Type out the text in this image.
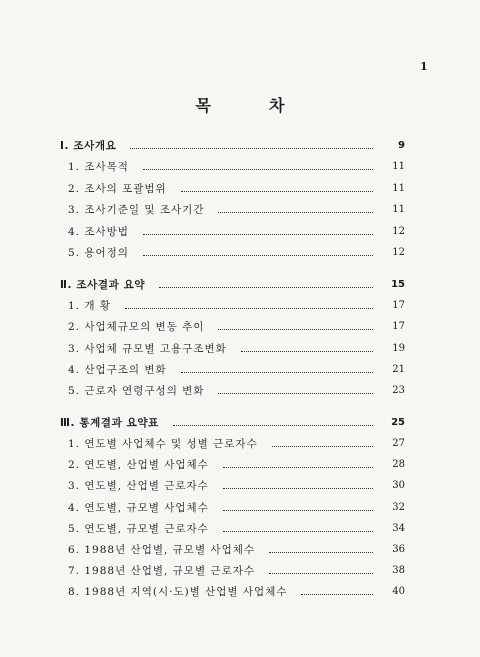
1
목	차
Ⅰ. 조사개요	9
1. 조사목적	11
2. 조사의 포괄범위	11
3. 조사기준일 및 조사기간	11
4. 조사방법	12
5. 용어정의	12
Ⅱ. 조사결과 요약	15
1. 개 황	17
2. 사업체규모의 변동 추이	17
3. 사업체 규모별 고용구조변화	19
4. 산업구조의 변화	21
5. 근로자 연령구성의 변화	23
Ⅲ. 통계결과 요약표	25
1. 연도별 사업체수 및 성별 근로자수	27
2. 연도별, 산업별 사업체수	28
3. 연도별, 산업별 근로자수	30
4. 연도별, 규모별 사업체수	32
5. 연도별, 규모별 근로자수	34
6. 1988년 산업별, 규모별 사업체수	36
7. 1988년 산업별, 규모별 근로자수	38
8. 1988년 지역(시·도)별 산업별 사업체수	40
